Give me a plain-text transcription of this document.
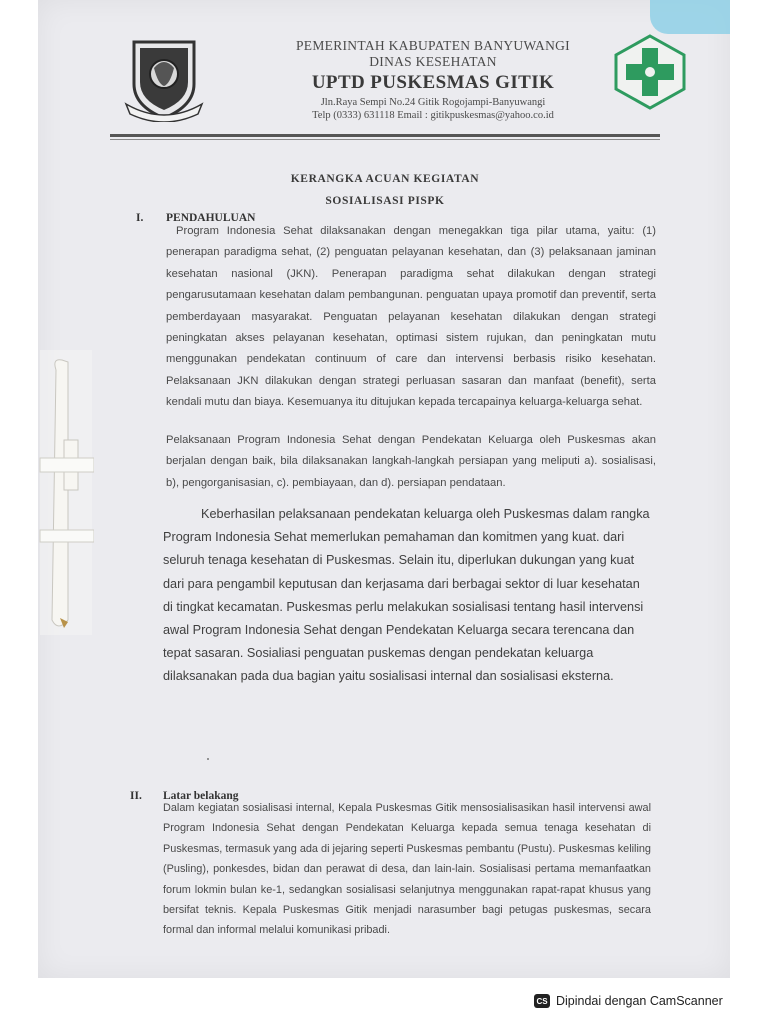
PEMERINTAH KABUPATEN BANYUWANGI
DINAS KESEHATAN
UPTD PUSKESMAS GITIK
Jln.Raya Sempi No.24 Gitik Rogojampi-Banyuwangi
Telp (0333) 631118 Email : gitikpuskesmas@yahoo.co.id
KERANGKA ACUAN KEGIATAN
SOSIALISASI PISPK
I. PENDAHULUAN
Program Indonesia Sehat dilaksanakan dengan menegakkan tiga pilar utama, yaitu: (1) penerapan paradigma sehat, (2) penguatan pelayanan kesehatan, dan (3) pelaksanaan jaminan kesehatan nasional (JKN). Penerapan paradigma sehat dilakukan dengan strategi pengarusutamaan kesehatan dalam pembangunan. penguatan upaya promotif dan preventif, serta pemberdayaan masyarakat. Penguatan pelayanan kesehatan dilakukan dengan strategi peningkatan akses pelayanan kesehatan, optimasi sistem rujukan, dan peningkatan mutu menggunakan pendekatan continuum of care dan intervensi berbasis risiko kesehatan. Pelaksanaan JKN dilakukan dengan strategi perluasan sasaran dan manfaat (benefit), serta kendali mutu dan biaya. Kesemuanya itu ditujukan kepada tercapainya keluarga-keluarga sehat.
Pelaksanaan Program Indonesia Sehat dengan Pendekatan Keluarga oleh Puskesmas akan berjalan dengan baik, bila dilaksanakan langkah-langkah persiapan yang meliputi a). sosialisasi, b), pengorganisasian, c). pembiayaan, dan d). persiapan pendataan.
Keberhasilan pelaksanaan pendekatan keluarga oleh Puskesmas dalam rangka Program Indonesia Sehat memerlukan pemahaman dan komitmen yang kuat. dari seluruh tenaga kesehatan di Puskesmas. Selain itu, diperlukan dukungan yang kuat dari para pengambil keputusan dan kerjasama dari berbagai sektor di luar kesehatan di tingkat kecamatan. Puskesmas perlu melakukan sosialisasi tentang hasil intervensi awal Program Indonesia Sehat dengan Pendekatan Keluarga secara terencana dan tepat sasaran. Sosialiasi penguatan puskemas dengan pendekatan keluarga dilaksanakan pada dua bagian yaitu sosialisasi internal dan sosialisasi eksterna.
II. Latar belakang
Dalam kegiatan sosialisasi internal, Kepala Puskesmas Gitik mensosialisasikan hasil intervensi awal Program Indonesia Sehat dengan Pendekatan Keluarga kepada semua tenaga kesehatan di Puskesmas, termasuk yang ada di jejaring seperti Puskesmas pembantu (Pustu). Puskesmas keliling (Pusling), ponkesdes, bidan dan perawat di desa, dan lain-lain. Sosialisasi pertama memanfaatkan forum lokmin bulan ke-1, sedangkan sosialisasi selanjutnya menggunakan rapat-rapat khusus yang bersifat teknis. Kepala Puskesmas Gitik menjadi narasumber bagi petugas puskesmas, secara formal dan informal melalui komunikasi pribadi.
CS Dipindai dengan CamScanner
